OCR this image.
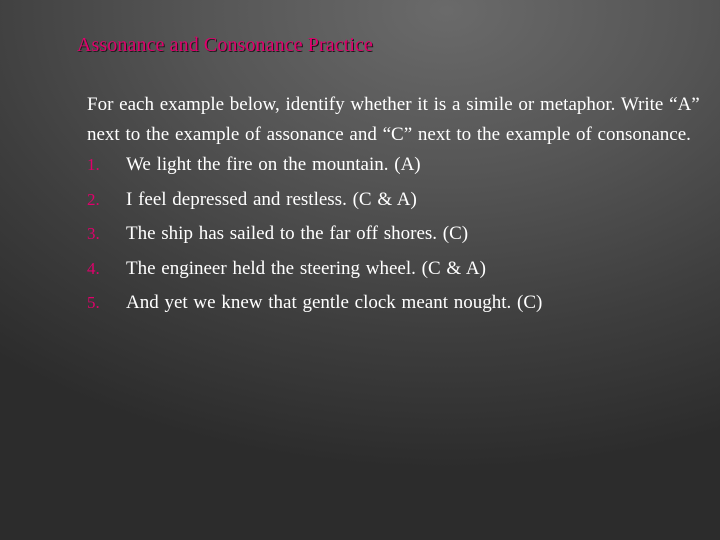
Assonance and Consonance Practice

For each example below, identify whether it is a simile or metaphor. Write “A” next to the example of assonance and “C” next to the example of consonance.

1.	We light the fire on the mountain. (A)
2.	I feel depressed and restless. (C & A)
3.	The ship has sailed to the far off shores. (C)
4.	The engineer held the steering wheel. (C & A)
5.	And yet we knew that gentle clock meant nought. (C)
